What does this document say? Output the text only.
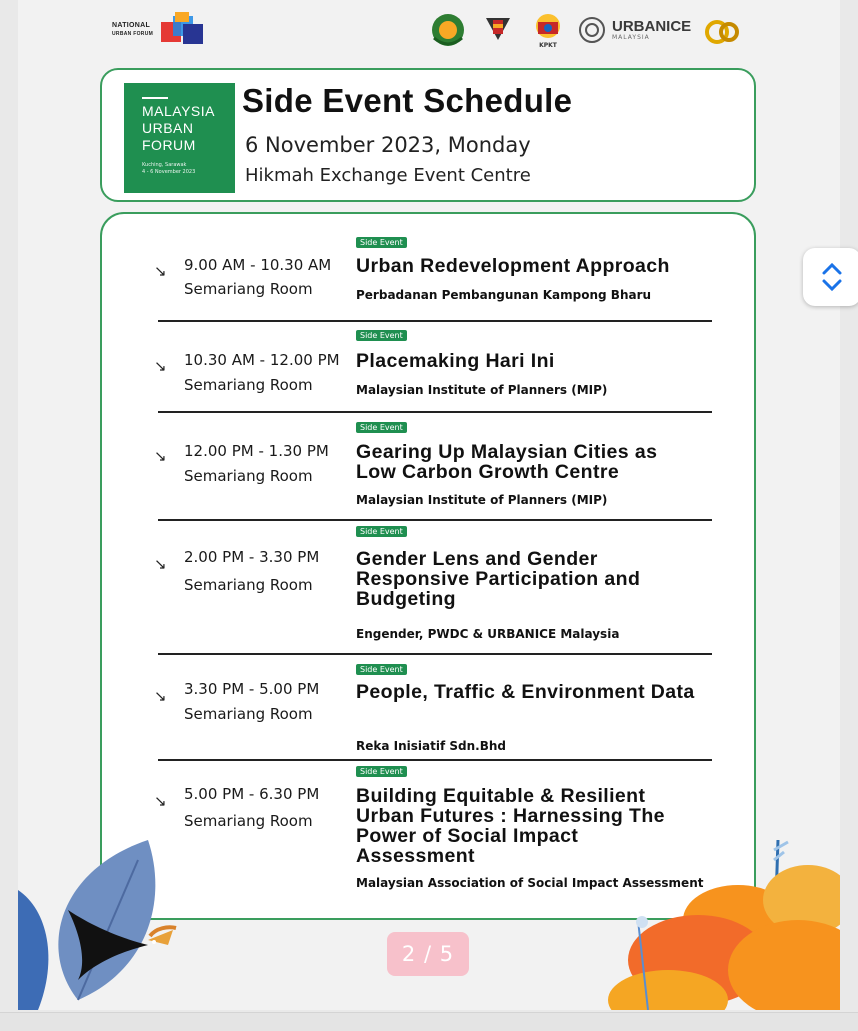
NATIONAL
URBAN FORUM
KPKT
URBANICE
MALAYSIA
MALAYSIA
URBAN
FORUM
Kuching, Sarawak
4 - 6 November 2023
Side Event Schedule
6 November 2023, Monday
Hikmah Exchange Event Centre
↘ 9.00 AM - 10.30 AM
Semariang Room
Side Event
Urban Redevelopment Approach
Perbadanan Pembangunan Kampong Bharu
↘ 10.30 AM - 12.00 PM
Semariang Room
Side Event
Placemaking Hari Ini
Malaysian Institute of Planners (MIP)
↘ 12.00 PM - 1.30 PM
Semariang Room
Side Event
Gearing Up Malaysian Cities as Low Carbon Growth Centre
Malaysian Institute of Planners (MIP)
↘ 2.00 PM - 3.30 PM
Semariang Room
Side Event
Gender Lens and Gender Responsive Participation and Budgeting
Engender, PWDC & URBANICE Malaysia
↘ 3.30 PM - 5.00 PM
Semariang Room
Side Event
People, Traffic & Environment Data
Reka Inisiatif Sdn.Bhd
↘ 5.00 PM - 6.30 PM
Semariang Room
Side Event
Building Equitable & Resilient Urban Futures : Harnessing The Power of Social Impact Assessment
Malaysian Association of Social Impact Assessment
2 / 5
